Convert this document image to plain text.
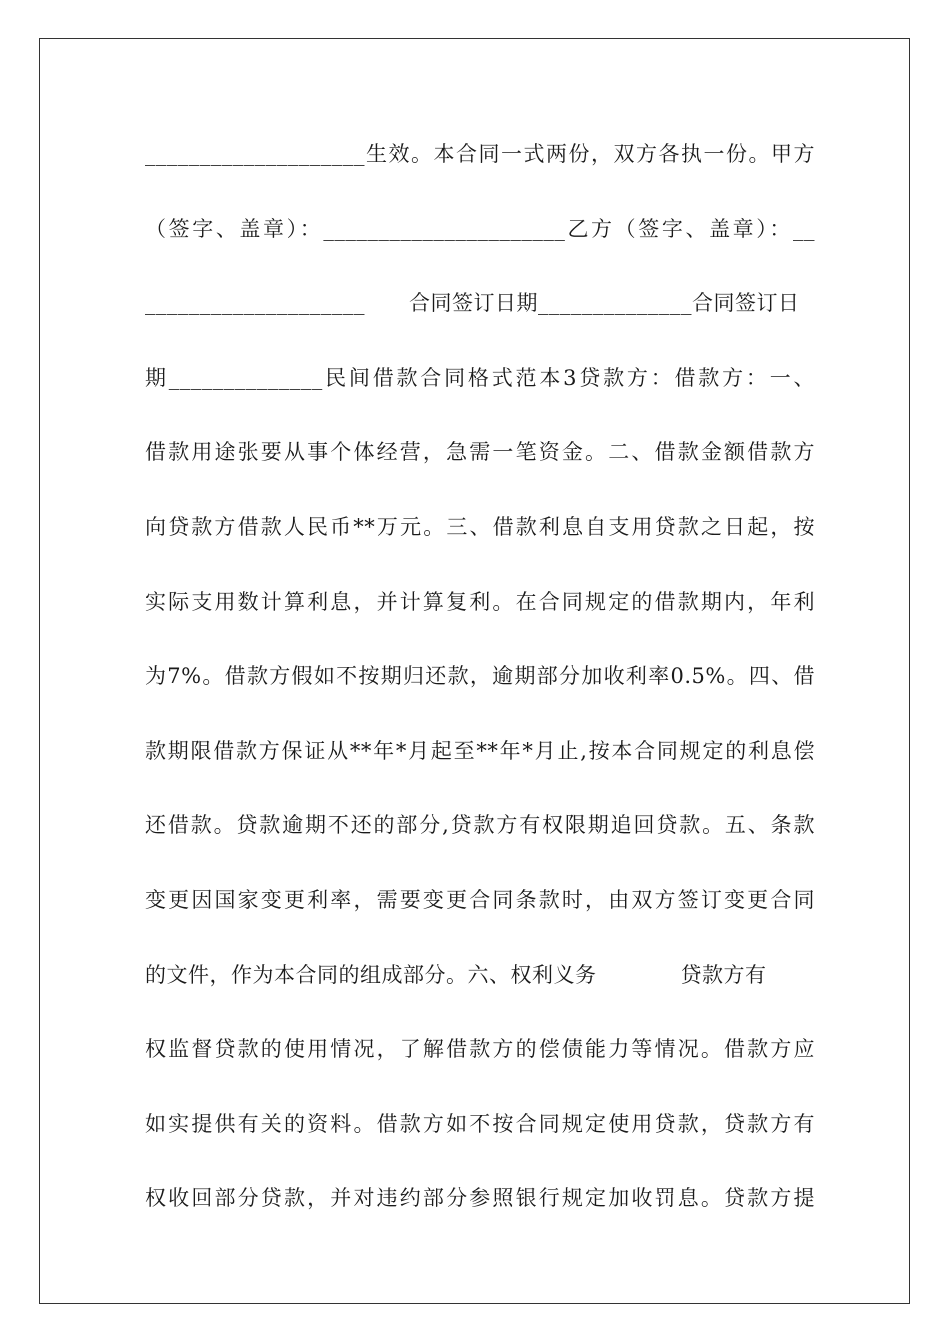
____________________生效。本合同一式两份，双方各执一份。甲方
（签字、盖章）：______________________乙方（签字、盖章）：__
____________________ 合同签订日期______________合同签订日
期______________民间借款合同格式范本3贷款方：借款方：一、
借款用途张要从事个体经营，急需一笔资金。二、借款金额借款方
向贷款方借款人民币**万元。三、借款利息自支用贷款之日起，按
实际支用数计算利息，并计算复利。在合同规定的借款期内，年利
为7%。借款方假如不按期归还款，逾期部分加收利率0.5%。四、借
款期限借款方保证从**年*月起至**年*月止,按本合同规定的利息偿
还借款。贷款逾期不还的部分,贷款方有权限期追回贷款。五、条款
变更因国家变更利率，需要变更合同条款时，由双方签订变更合同
的文件，作为本合同的组成部分。六、权利义务	贷款方有
权监督贷款的使用情况，了解借款方的偿债能力等情况。借款方应
如实提供有关的资料。借款方如不按合同规定使用贷款，贷款方有
权收回部分贷款，并对违约部分参照银行规定加收罚息。贷款方提
